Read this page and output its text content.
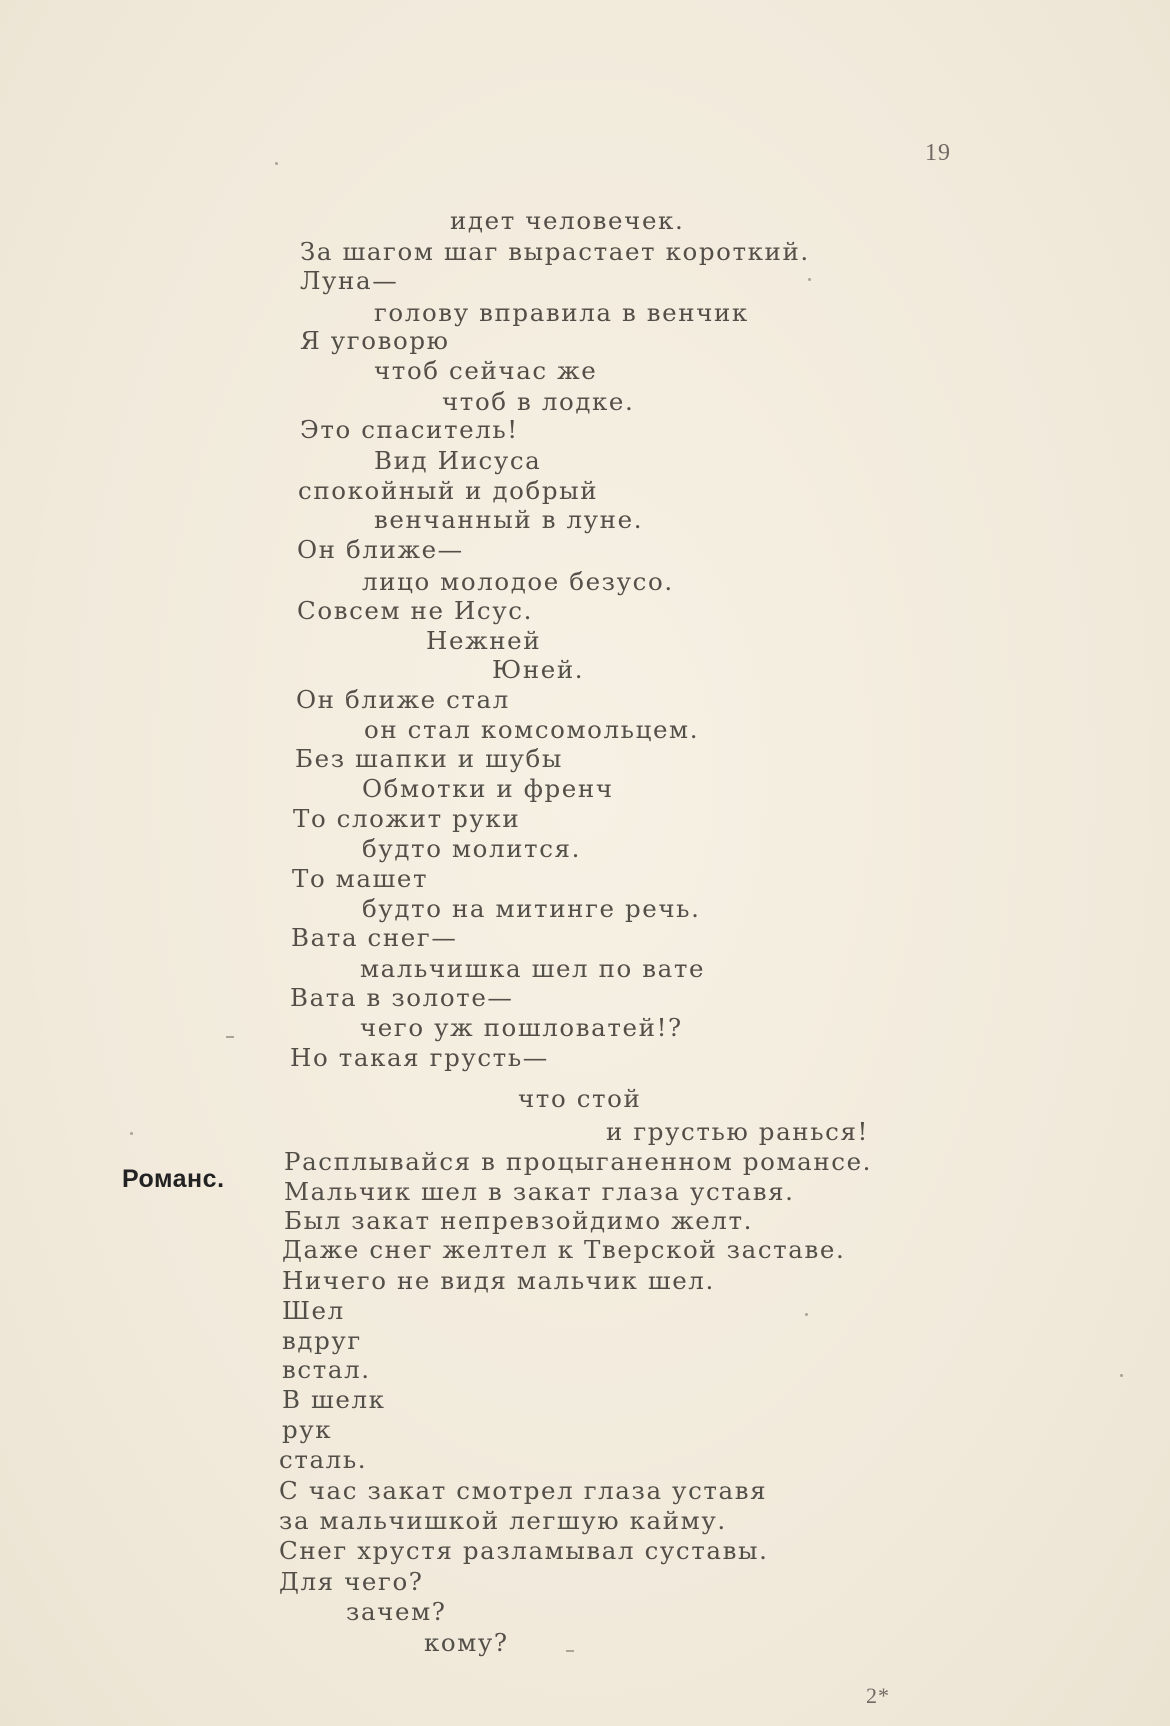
19
идет человечек.
За шагом шаг вырастает короткий.
Луна—
голову вправила в венчик
Я уговорю
чтоб сейчас же
чтоб в лодке.
Это спаситель!
Вид Иисуса
спокойный и добрый
венчанный в луне.
Он ближе—
лицо молодое безусо.
Совсем не Исус.
Нежней
Юней.
Он ближе стал
он стал комсомольцем.
Без шапки и шубы
Обмотки и френч
То сложит руки
будто молится.
То машет
будто на митинге речь.
Вата снег—
мальчишка шел по вате
Вата в золоте—
чего уж пошловатей!?
Но такая грусть—
что стой
и грустью ранься!
Расплывайся в процыганенном романсе.
Мальчик шел в закат глаза уставя.
Был закат непревзойдимо желт.
Даже снег желтел к Тверской заставе.
Ничего не видя мальчик шел.
Шел
вдруг
встал.
В шелк
рук
сталь.
С час закат смотрел глаза уставя
за мальчишкой легшую кайму.
Снег хрустя разламывал суставы.
Для чего?
зачем?
кому?
Романс.
2*
